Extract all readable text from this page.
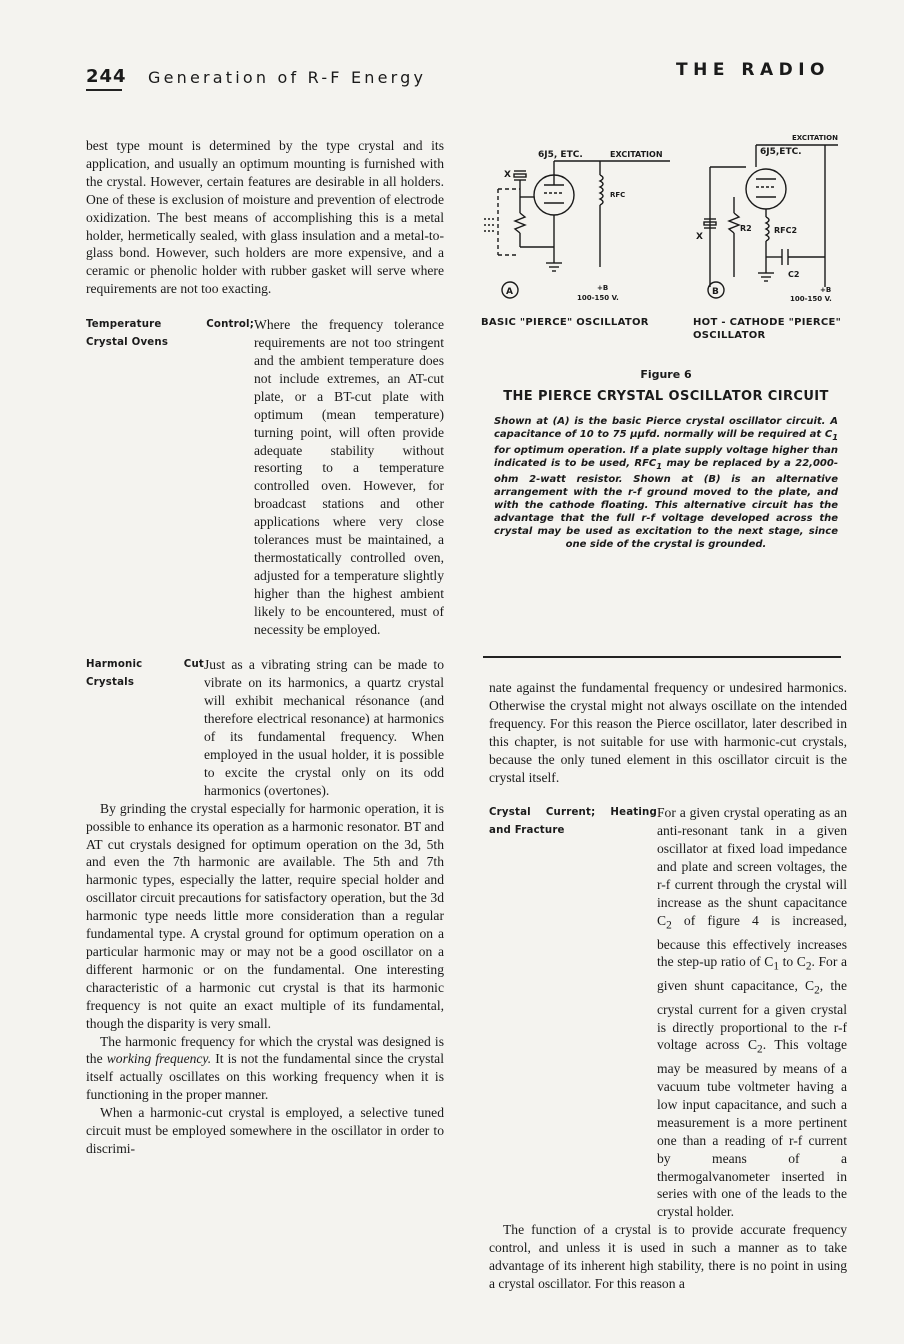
244 Generation of R-F Energy	THE RADIO

best type mount is determined by the type crystal and its application, and usually an optimum mounting is furnished with the crystal. However, certain features are desirable in all holders. One of these is exclusion of moisture and prevention of electrode oxidization. The best means of accomplishing this is a metal holder, hermetically sealed, with glass insulation and a metal-to-glass bond. However, such holders are more expensive, and a ceramic or phenolic holder with rubber gasket will serve where requirements are not too exacting.

Temperature Control; Crystal Ovens
Where the frequency tolerance requirements are not too stringent and the ambient temperature does not include extremes, an AT-cut plate, or a BT-cut plate with optimum (mean temperature) turning point, will often provide adequate stability without resorting to a temperature controlled oven. However, for broadcast stations and other applications where very close tolerances must be maintained, a thermostatically controlled oven, adjusted for a temperature slightly higher than the highest ambient likely to be encountered, must of necessity be employed.
Harmonic Cut Crystals
Just as a vibrating string can be made to vibrate on its harmonics, a quartz crystal will exhibit mechanical résonance (and therefore electrical resonance) at harmonics of its fundamental frequency. When employed in the usual holder, it is possible to excite the crystal only on its odd harmonics (overtones).

By grinding the crystal especially for harmonic operation, it is possible to enhance its operation as a harmonic resonator. BT and AT cut crystals designed for optimum operation on the 3d, 5th and even the 7th harmonic are available. The 5th and 7th harmonic types, especially the latter, require special holder and oscillator circuit precautions for satisfactory operation, but the 3d harmonic type needs little more consideration than a regular fundamental type. A crystal ground for optimum operation on a particular harmonic may or may not be a good oscillator on a different harmonic or on the fundamental. One interesting characteristic of a harmonic cut crystal is that its harmonic frequency is not quite an exact multiple of its fundamental, though the disparity is very small.

The harmonic frequency for which the crystal was designed is the working frequency. It is not the fundamental since the crystal itself actually oscillates on this working frequency when it is functioning in the proper manner.

When a harmonic-cut crystal is employed, a selective tuned circuit must be employed somewhere in the oscillator in order to discrimi-

6J5, ETC.	EXCITATION
RFC
+B
100-150 V.
X
A
EXCITATION
6J5,ETC.
X
R2	RFC2
C2
+B
100-150 V.
B
BASIC "PIERCE" OSCILLATOR	HOT - CATHODE "PIERCE"
OSCILLATOR
Figure 6
THE PIERCE CRYSTAL OSCILLATOR CIRCUIT
Shown at (A) is the basic Pierce crystal oscillator circuit. A capacitance of 10 to 75 μμfd. normally will be required at $C_1$ for optimum operation. If a plate supply voltage higher than indicated is to be used, $RFC_1$ may be replaced by a 22,000-ohm 2-watt resistor. Shown at (B) is an alternative arrangement with the r-f ground moved to the plate, and with the cathode floating. This alternative circuit has the advantage that the full r-f voltage developed across the crystal may be used as excitation to the next stage, since one side of the crystal is grounded.

nate against the fundamental frequency or undesired harmonics. Otherwise the crystal might not always oscillate on the intended frequency. For this reason the Pierce oscillator, later described in this chapter, is not suitable for use with harmonic-cut crystals, because the only tuned element in this oscillator circuit is the crystal itself.

Crystal Current; Heating and Fracture
For a given crystal operating as an anti-resonant tank in a given oscillator at fixed load impedance and plate and screen voltages, the r-f current through the crystal will increase as the shunt capacitance $C_2$ of figure 4 is increased, because this effectively increases the step-up ratio of $C_1$ to $C_2$. For a given shunt capacitance, $C_2$, the crystal current for a given crystal is directly proportional to the r-f voltage across $C_2$. This voltage may be measured by means of a vacuum tube voltmeter having a low input capacitance, and such a measurement is a more pertinent one than a reading of r-f current by means of a thermogalvanometer inserted in series with one of the leads to the crystal holder.

The function of a crystal is to provide accurate frequency control, and unless it is used in such a manner as to take advantage of its inherent high stability, there is no point in using a crystal oscillator. For this reason a
